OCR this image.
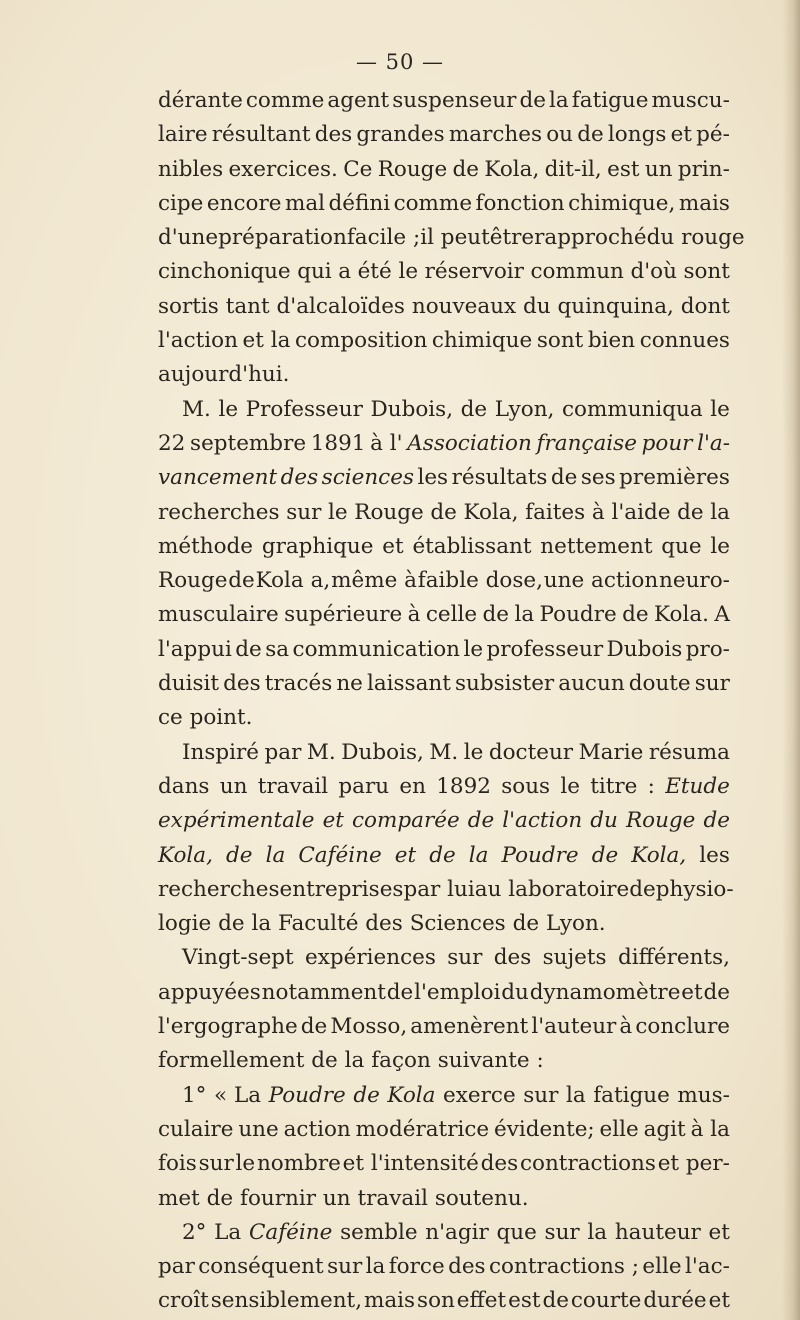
— 50 —
dérante comme agent suspenseur de la fatigue muscu-
laire résultant des grandes marches ou de longs et pé-
nibles exercices. Ce Rouge de Kola, dit-il, est un prin-
cipe encore mal défini comme fonction chimique, mais
d'une préparation facile ; il peut être rapproché du rouge
cinchonique qui a été le réservoir commun d'où sont
sortis tant d'alcaloïdes nouveaux du quinquina, dont
l'action et la composition chimique sont bien connues
aujourd'hui.
M. le Professeur Dubois, de Lyon, communiqua le
22 septembre 1891 à l' Association française pour l'a-
vancement des sciences les résultats de ses premières
recherches sur le Rouge de Kola, faites à l'aide de la
méthode graphique et établissant nettement que le
Rouge de Kola a, même à faible dose, une action neuro-
musculaire supérieure à celle de la Poudre de Kola. A
l'appui de sa communication le professeur Dubois pro-
duisit des tracés ne laissant subsister aucun doute sur
ce point.
Inspiré par M. Dubois, M. le docteur Marie résuma
dans un travail paru en 1892 sous le titre : Etude
expérimentale et comparée de l'action du Rouge de
Kola, de la Caféine et de la Poudre de Kola, les
recherches entreprises par lui au laboratoire de physio-
logie de la Faculté des Sciences de Lyon.
Vingt-sept expériences sur des sujets différents,
appuyées notamment de l'emploi du dynamomètre et de
l'ergographe de Mosso, amenèrent l'auteur à conclure
formellement de la façon suivante :
1° « La Poudre de Kola exerce sur la fatigue mus-
culaire une action modératrice évidente; elle agit à la
fois sur le nombre et l'intensité des contractions et per-
met de fournir un travail soutenu.
2° La Caféine semble n'agir que sur la hauteur et
par conséquent sur la force des contractions ; elle l'ac-
croît sensiblement, mais son effet est de courte durée et
